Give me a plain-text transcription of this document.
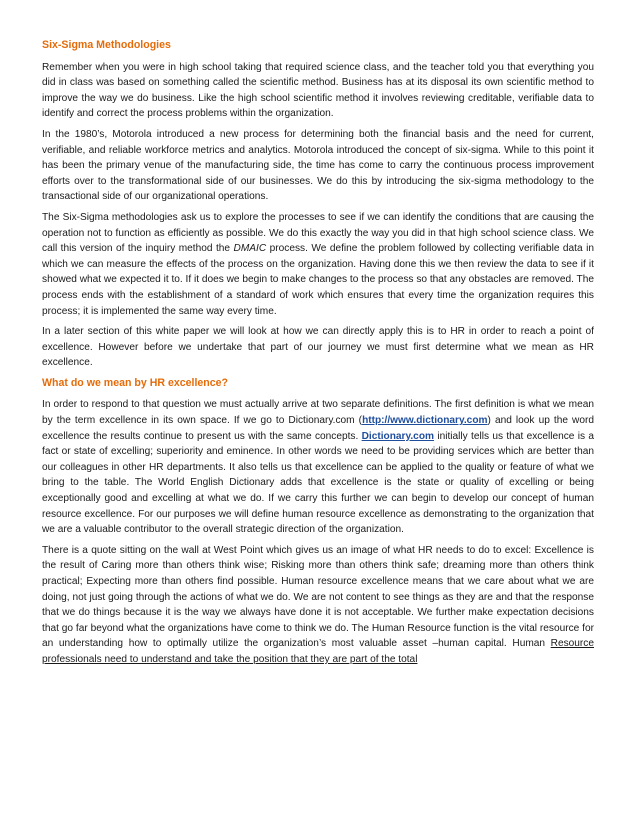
Six-Sigma Methodologies

Remember when you were in high school taking that required science class, and the teacher told you that everything you did in class was based on something called the scientific method. Business has at its disposal its own scientific method to improve the way we do business. Like the high school scientific method it involves reviewing creditable, verifiable data to identify and correct the process problems within the organization.

In the 1980’s, Motorola introduced a new process for determining both the financial basis and the need for current, verifiable, and reliable workforce metrics and analytics. Motorola introduced the concept of six-sigma. While to this point it has been the primary venue of the manufacturing side, the time has come to carry the continuous process improvement efforts over to the transformational side of our businesses. We do this by introducing the six-sigma methodology to the transactional side of our organizational operations.

The Six-Sigma methodologies ask us to explore the processes to see if we can identify the conditions that are causing the operation not to function as efficiently as possible. We do this exactly the way you did in that high school science class. We call this version of the inquiry method the DMAIC process. We define the problem followed by collecting verifiable data in which we can measure the effects of the process on the organization. Having done this we then review the data to see if it showed what we expected it to. If it does we begin to make changes to the process so that any obstacles are removed. The process ends with the establishment of a standard of work which ensures that every time the organization requires this process; it is implemented the same way every time.

In a later section of this white paper we will look at how we can directly apply this is to HR in order to reach a point of excellence. However before we undertake that part of our journey we must first determine what we mean as HR excellence.

What do we mean by HR excellence?

In order to respond to that question we must actually arrive at two separate definitions. The first definition is what we mean by the term excellence in its own space. If we go to Dictionary.com (http://www.dictionary.com) and look up the word excellence the results continue to present us with the same concepts. Dictionary.com initially tells us that excellence is a fact or state of excelling; superiority and eminence. In other words we need to be providing services which are better than our colleagues in other HR departments. It also tells us that excellence can be applied to the quality or feature of what we bring to the table. The World English Dictionary adds that excellence is the state or quality of excelling or being exceptionally good and excelling at what we do. If we carry this further we can begin to develop our concept of human resource excellence. For our purposes we will define human resource excellence as demonstrating to the organization that we are a valuable contributor to the overall strategic direction of the organization.

There is a quote sitting on the wall at West Point which gives us an image of what HR needs to do to excel: Excellence is the result of Caring more than others think wise; Risking more than others think safe; dreaming more than others think practical; Expecting more than others find possible. Human resource excellence means that we care about what we are doing, not just going through the actions of what we do. We are not content to see things as they are and that the response that we do things because it is the way we always have done it is not acceptable. We further make expectation decisions that go far beyond what the organizations have come to think we do. The Human Resource function is the vital resource for an understanding how to optimally utilize the organization’s most valuable asset –human capital. Human Resource professionals need to understand and take the position that they are part of the total
